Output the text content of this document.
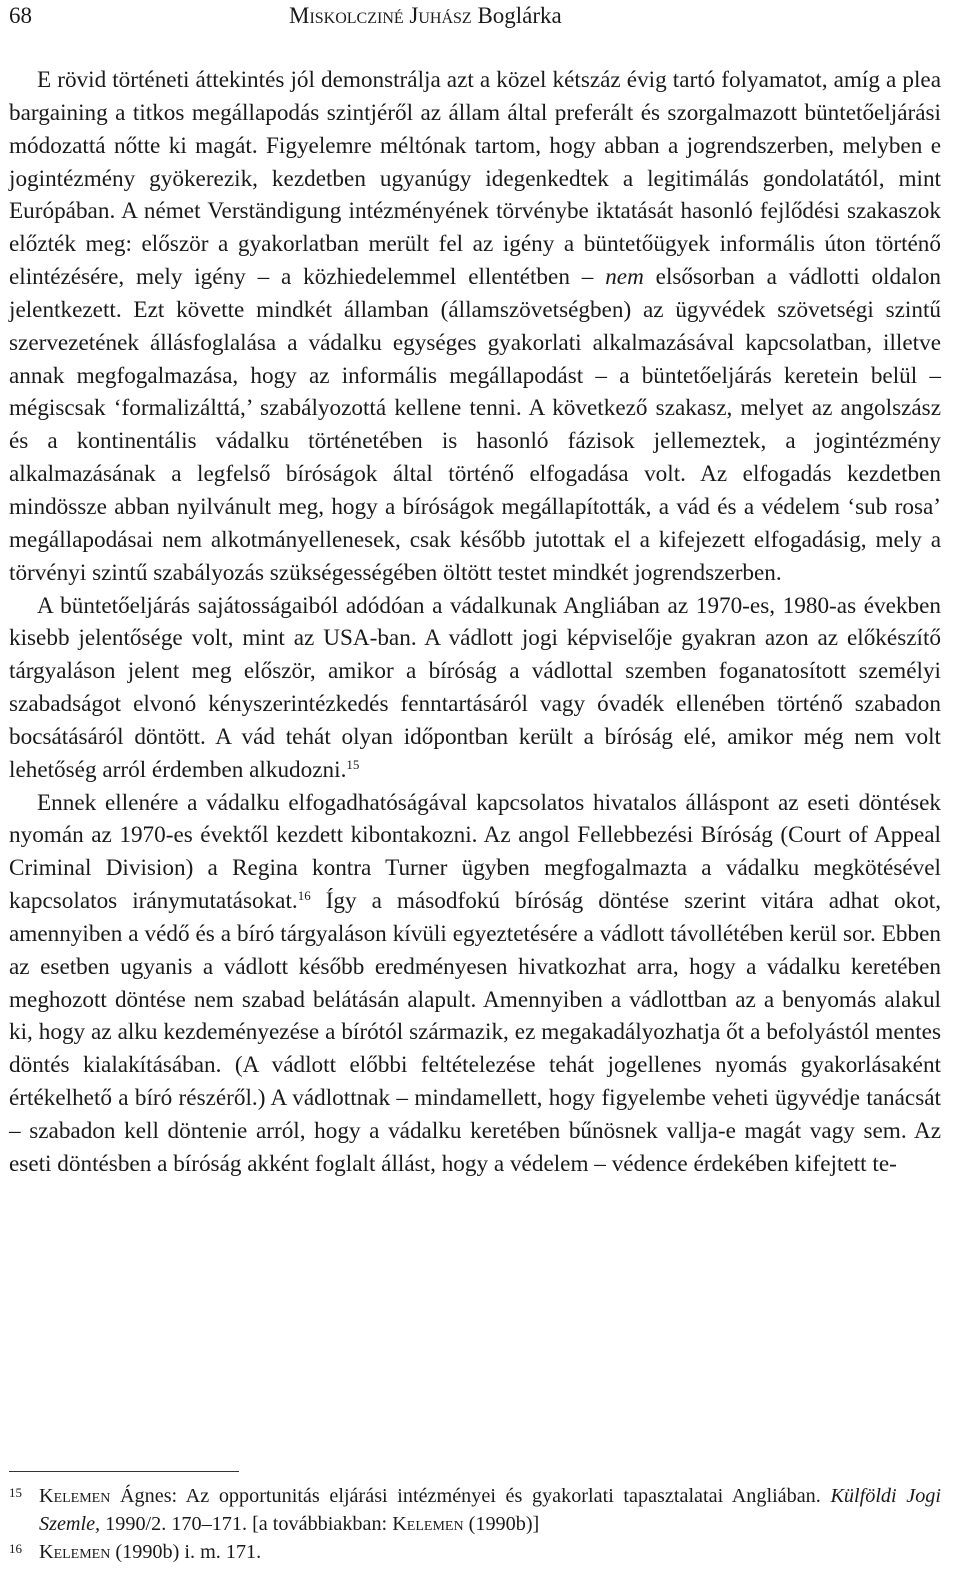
68	Miskolcziné Juhász Boglárka

E rövid történeti áttekintés jól demonstrálja azt a közel kétszáz évig tartó folyamatot, amíg a plea bargaining a titkos megállapodás szintjéről az állam által preferált és szorgalmazott büntetőeljárási módozattá nőtte ki magát. Figyelemre méltónak tartom, hogy abban a jogrendszerben, melyben e jogintézmény gyökerezik, kezdetben ugyanúgy idegenkedtek a legitimálás gondolatától, mint Európában. A német Verständigung intézményének törvénybe iktatását hasonló fejlődési szakaszok előzték meg: először a gyakorlatban merült fel az igény a büntetőügyek informális úton történő elintézésére, mely igény – a közhiedelemmel ellentétben – nem elsősorban a vádlotti oldalon jelentkezett. Ezt követte mindkét államban (államszövetségben) az ügyvédek szövetségi szintű szervezetének állásfoglalása a vádalku egységes gyakorlati alkalmazásával kapcsolatban, illetve annak megfogalmazása, hogy az informális megállapodást – a büntetőeljárás keretein belül – mégiscsak ‘formalizálttá,’ szabályozottá kellene tenni. A következő szakasz, melyet az angolszász és a kontinentális vádalku történetében is hasonló fázisok jellemeztek, a jogintézmény alkalmazásának a legfelső bíróságok által történő elfogadása volt. Az elfogadás kezdetben mindössze abban nyilvánult meg, hogy a bíróságok megállapították, a vád és a védelem ‘sub rosa’ megállapodásai nem alkotmányellenesek, csak később jutottak el a kifejezett elfogadásig, mely a törvényi szintű szabályozás szükségességében öltött testet mindkét jogrendszerben.

A büntetőeljárás sajátosságaiból adódóan a vádalkunak Angliában az 1970-es, 1980-as években kisebb jelentősége volt, mint az USA-ban. A vádlott jogi képviselője gyakran azon az előkészítő tárgyaláson jelent meg először, amikor a bíróság a vádlottal szemben foganatosított személyi szabadságot elvonó kényszerintézkedés fenntartásáról vagy óvadék ellenében történő szabadon bocsátásáról döntött. A vád tehát olyan időpontban került a bíróság elé, amikor még nem volt lehetőség arról érdemben alkudozni.$^{15}$

Ennek ellenére a vádalku elfogadhatóságával kapcsolatos hivatalos álláspont az eseti döntések nyomán az 1970-es évektől kezdett kibontakozni. Az angol Fellebbezési Bíróság (Court of Appeal Criminal Division) a Regina kontra Turner ügyben megfogalmazta a vádalku megkötésével kapcsolatos iránymutatásokat.$^{16}$ Így a másodfokú bíróság döntése szerint vitára adhat okot, amennyiben a védő és a bíró tárgyaláson kívüli egyeztetésére a vádlott távollétében kerül sor. Ebben az esetben ugyanis a vádlott később eredményesen hivatkozhat arra, hogy a vádalku keretében meghozott döntése nem szabad belátásán alapult. Amennyiben a vádlottban az a benyomás alakul ki, hogy az alku kezdeményezése a bírótól származik, ez megakadályozhatja őt a befolyástól mentes döntés kialakításában. (A vádlott előbbi feltételezése tehát jogellenes nyomás gyakorlásaként értékelhető a bíró részéről.) A vádlottnak – mindamellett, hogy figyelembe veheti ügyvédje tanácsát – szabadon kell döntenie arról, hogy a vádalku keretében bűnösnek vallja-e magát vagy sem. Az eseti döntésben a bíróság akként foglalt állást, hogy a védelem – védence érdekében kifejtett te-

15 Kelemen Ágnes: Az opportunitás eljárási intézményei és gyakorlati tapasztalatai Angliában. Külföldi Jogi Szemle, 1990/2. 170–171. [a továbbiakban: Kelemen (1990b)]
16 Kelemen (1990b) i. m. 171.
